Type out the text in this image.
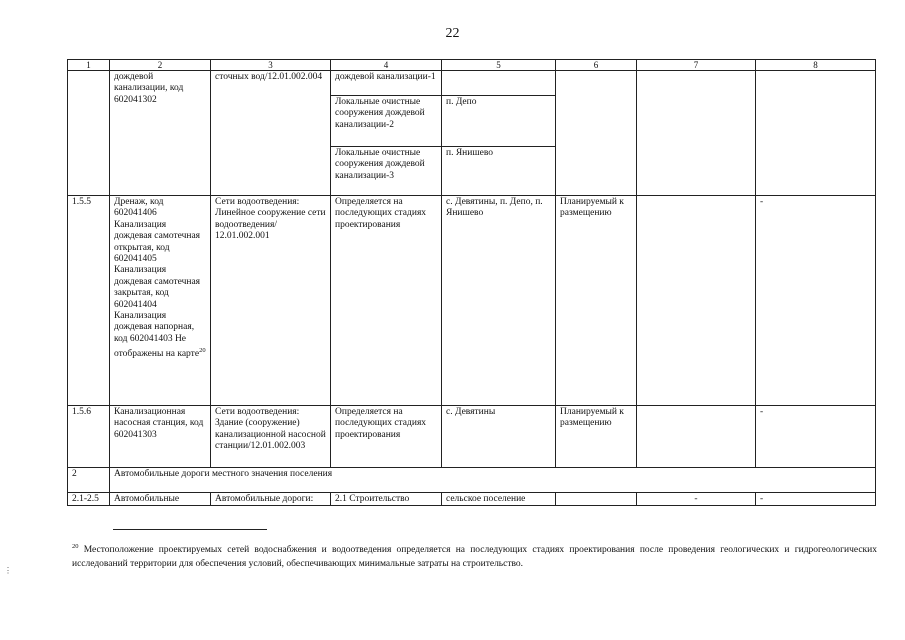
22
1	2	3	4	5	6	7	8
	дождевой канализации, код 602041302	сточных вод/12.01.002.004	дождевой канализации-1				
			Локальные очистные сооружения дождевой канализации-2	п. Депо			
			Локальные очистные сооружения дождевой канализации-3	п. Янишево			
1.5.5	Дренаж, код 602041406 Канализация дождевая самотечная открытая, код 602041405 Канализация дождевая самотечная закрытая, код 602041404 Канализация дождевая напорная, код 602041403 Не отображены на карте$^{20}$	Сети водоотведения: Линейное сооружение сети водоотведения/ 12.01.002.001	Определяется на последующих стадиях проектирования	с. Девятины, п. Депо, п. Янишево	Планируемый к размещению		-
1.5.6	Канализационная насосная станция, код 602041303	Сети водоотведения: Здание (сооружение) канализационной насосной станции/12.01.002.003	Определяется на последующих стадиях проектирования	с. Девятины	Планируемый к размещению		-
2	Автомобильные дороги местного значения поселения						
2.1-2.5	Автомобильные	Автомобильные дороги:	2.1 Строительство	сельское поселение		-	-
$^{20}$ Местоположение проектируемых сетей водоснабжения и водоотведения определяется на последующих стадиях проектирования после проведения геологических и гидрогеологических исследований территории для обеспечения условий, обеспечивающих минимальные затраты на строительство.
⋮
